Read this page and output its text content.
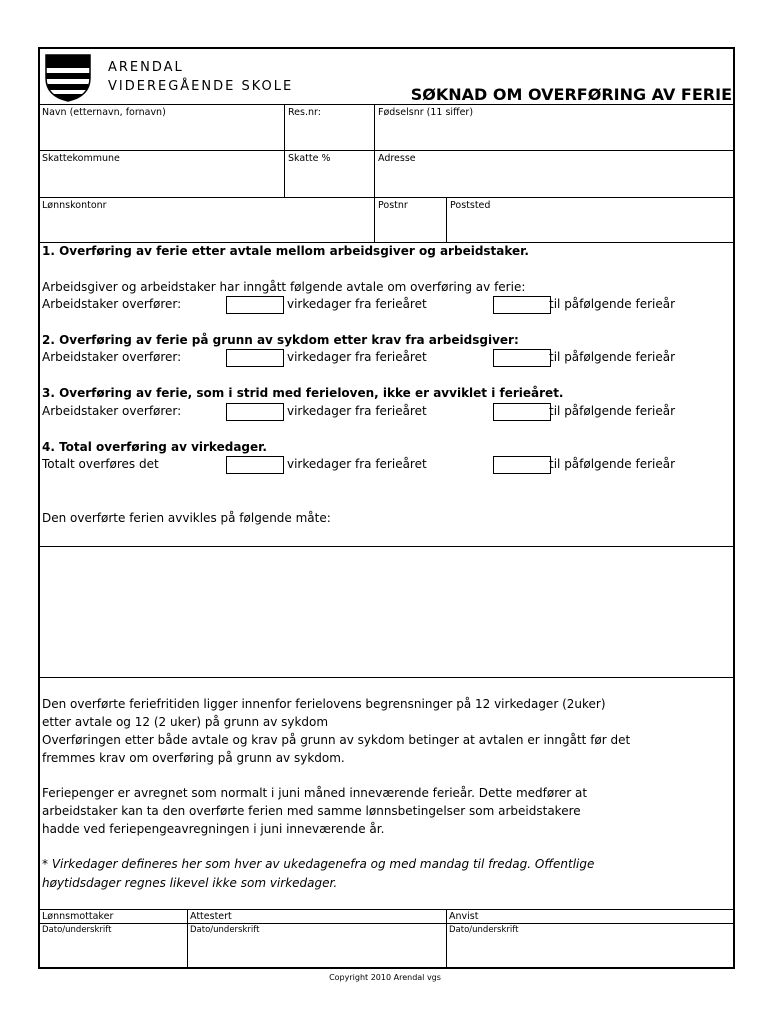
ARENDAL
VIDEREGÅENDE SKOLE	SØKNAD OM OVERFØRING AV FERIE
Navn (etternavn, fornavn)	Res.nr:	Fødselsnr (11 siffer)
Skattekommune	Skatte %	Adresse
Lønnskontonr	Postnr	Poststed
1. Overføring av ferie etter avtale mellom arbeidsgiver og arbeidstaker.
Arbeidsgiver og arbeidstaker har inngått følgende avtale om overføring av ferie:
Arbeidstaker overfører:	virkedager fra ferieåret	til påfølgende ferieår
2. Overføring av ferie på grunn av sykdom etter krav fra arbeidsgiver:
Arbeidstaker overfører:	virkedager fra ferieåret	til påfølgende ferieår
3. Overføring av ferie, som i strid med ferieloven, ikke er avviklet i ferieåret.
Arbeidstaker overfører:	virkedager fra ferieåret	til påfølgende ferieår
4. Total overføring av virkedager.
Totalt overføres det	virkedager fra ferieåret	til påfølgende ferieår
Den overførte ferien avvikles på følgende måte:
Den overførte feriefritiden ligger innenfor ferielovens begrensninger på 12 virkedager (2uker)
etter avtale og 12 (2 uker) på grunn av sykdom
Overføringen etter både avtale og krav på grunn av sykdom betinger at avtalen er inngått før det
fremmes krav om overføring på grunn av sykdom.
Feriepenger er avregnet som normalt i juni måned inneværende ferieår. Dette medfører at
arbeidstaker kan ta den overførte ferien med samme lønnsbetingelser som arbeidstakere
hadde ved feriepengeavregningen i juni inneværende år.
* Virkedager defineres her som hver av ukedagenefra og med mandag til fredag. Offentlige
høytidsdager regnes likevel ikke som virkedager.
Lønnsmottaker	Attestert	Anvist
Dato/underskrift	Dato/underskrift	Dato/underskrift
Copyright 2010 Arendal vgs
